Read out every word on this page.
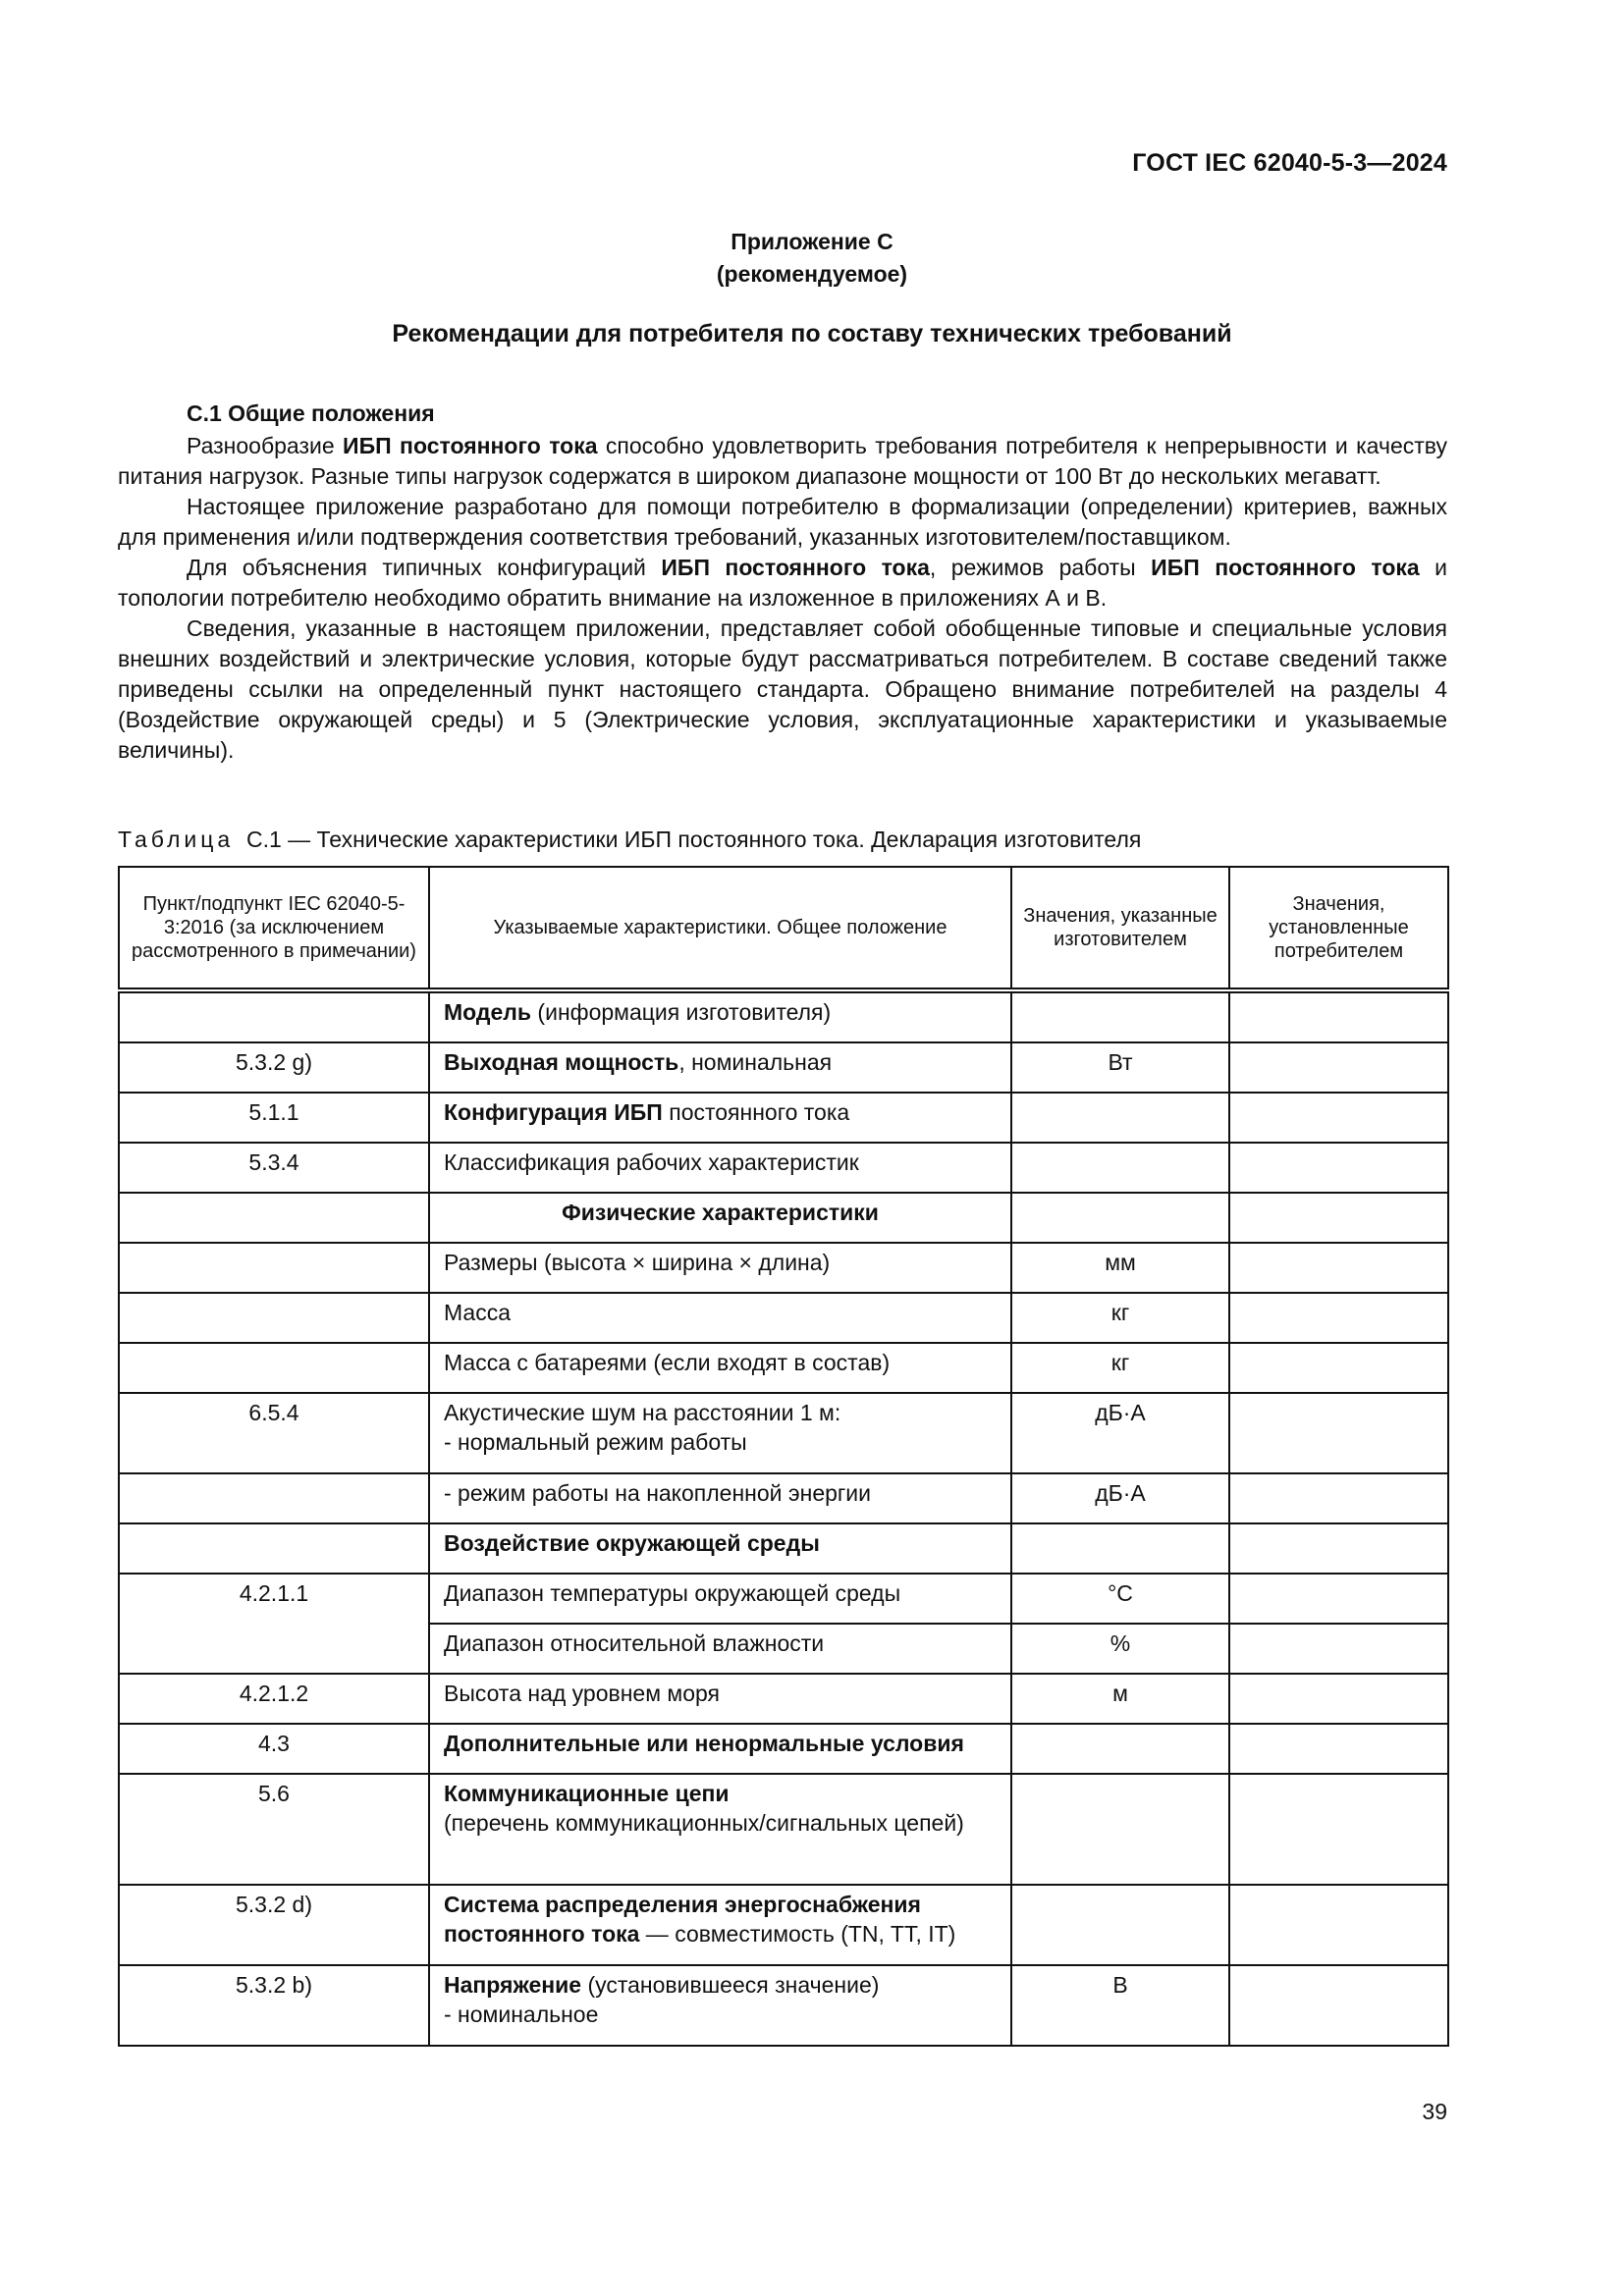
ГОСТ IEC 62040-5-3—2024
Приложение С
(рекомендуемое)
Рекомендации для потребителя по составу технических требований
С.1 Общие положения

Разнообразие ИБП постоянного тока способно удовлетворить требования потребителя к непрерывности и качеству питания нагрузок. Разные типы нагрузок содержатся в широком диапазоне мощности от 100 Вт до нескольких мегаватт.

Настоящее приложение разработано для помощи потребителю в формализации (определении) критериев, важных для применения и/или подтверждения соответствия требований, указанных изготовителем/поставщиком.

Для объяснения типичных конфигураций ИБП постоянного тока, режимов работы ИБП постоянного тока и топологии потребителю необходимо обратить внимание на изложенное в приложениях А и В.

Сведения, указанные в настоящем приложении, представляет собой обобщенные типовые и специальные условия внешних воздействий и электрические условия, которые будут рассматриваться потребителем. В составе сведений также приведены ссылки на определенный пункт настоящего стандарта. Обращено внимание потребителей на разделы 4 (Воздействие окружающей среды) и 5 (Электрические условия, эксплуатационные характеристики и указываемые величины).

Таблица С.1 — Технические характеристики ИБП постоянного тока. Декларация изготовителя
Пункт/подпункт IEC 62040-5-3:2016 (за исключением рассмотренного в примечании)	Указываемые характеристики. Общее положение	Значения, указанные изготовителем	Значения, установленные потребителем
	Модель (информация изготовителя)		
5.3.2 g)	Выходная мощность, номинальная	Вт	
5.1.1	Конфигурация ИБП постоянного тока		
5.3.4	Классификация рабочих характеристик		
	Физические характеристики		
	Размеры (высота × ширина × длина)	мм	
	Масса	кг	
	Масса с батареями (если входят в состав)	кг	
6.5.4	Акустические шум на расстоянии 1 м:
- нормальный режим работы
	дБ·А	
	- режим работы на накопленной энергии	дБ·А	
	Воздействие окружающей среды		
4.2.1.1	Диапазон температуры окружающей среды	°С	
Диапазон относительной влажности	%	
4.2.1.2	Высота над уровнем моря	м	
4.3	Дополнительные или ненормальные условия		
5.6	Коммуникационные цепи
(перечень коммуникационных/сигнальных цепей)

5.3.2 d)	Система распределения энергоснабжения постоянного тока — совместимость (TN, TT, IT)		
5.3.2 b)	Напряжение (установившееся значение)
- номинальное
	В	
39
